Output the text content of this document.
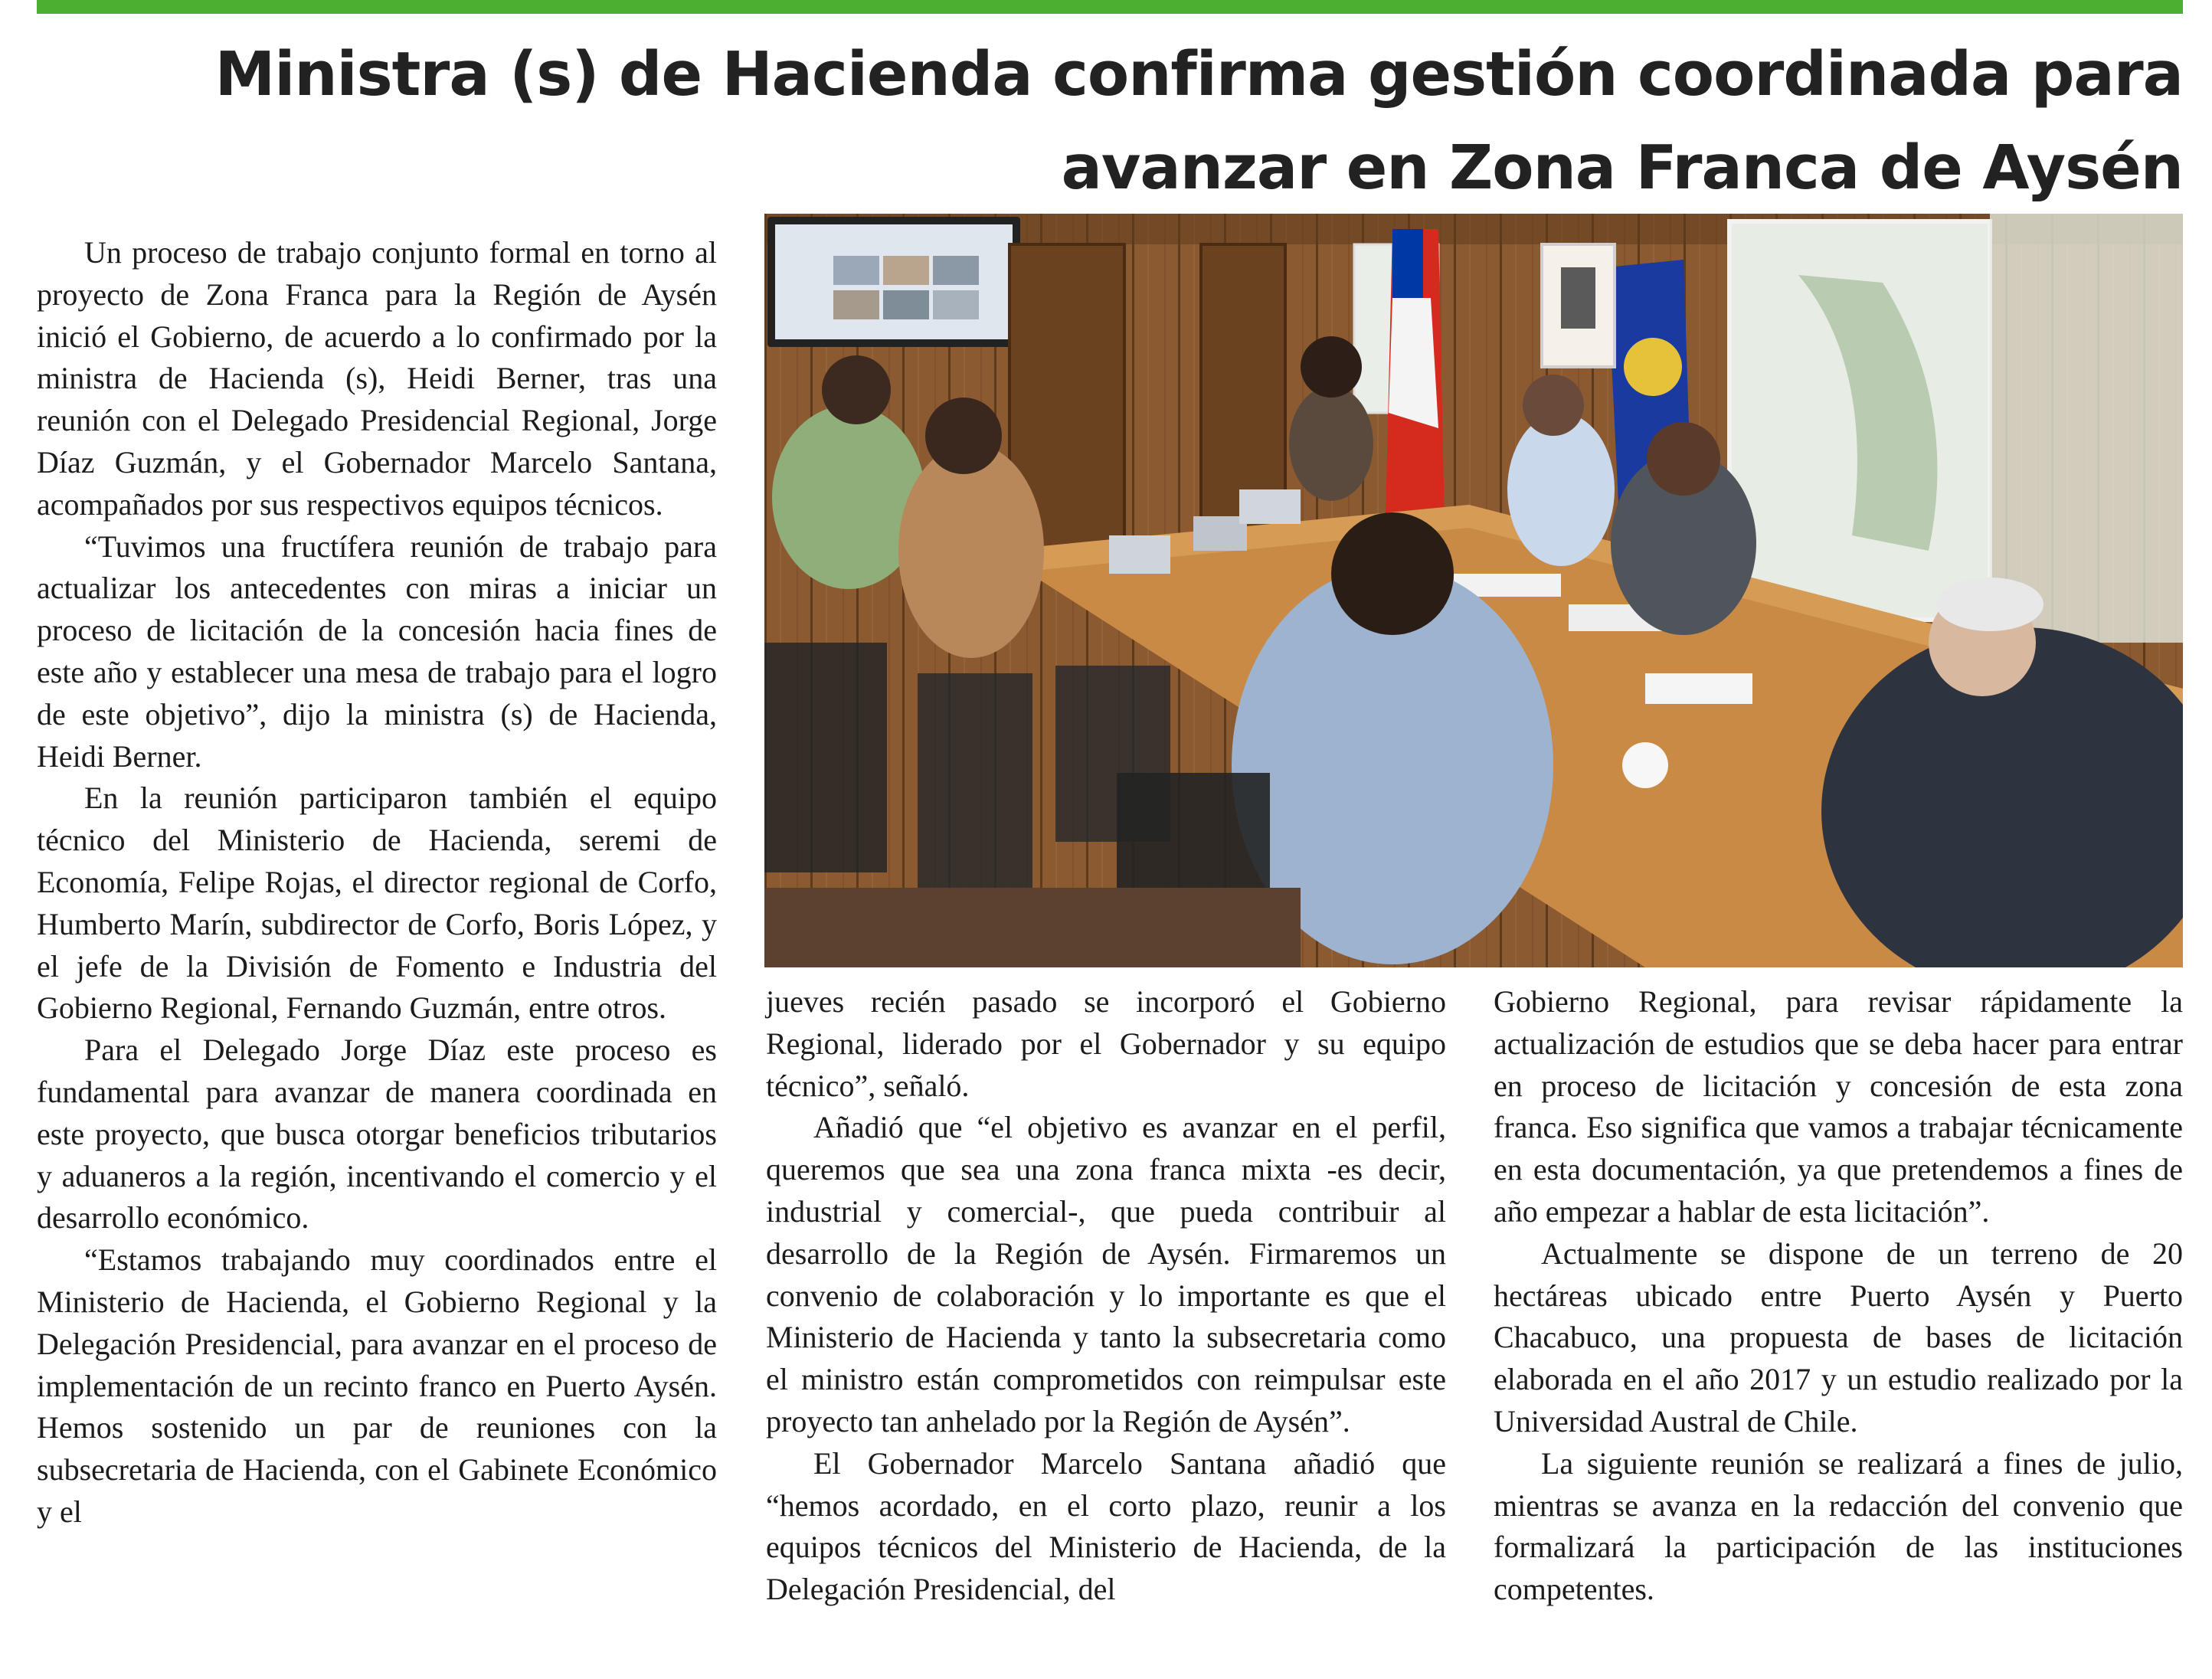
Ministra (s) de Hacienda confirma gestión coordinada para
avanzar en Zona Franca de Aysén

Un proceso de trabajo conjunto formal en torno al proyecto de Zona Franca para la Región de Aysén inició el Gobierno, de acuerdo a lo confirmado por la ministra de Hacienda (s), Heidi Berner, tras una reunión con el Delegado Presidencial Regional, Jorge Díaz Guzmán, y el Gobernador Marcelo Santana, acompañados por sus respectivos equipos técnicos.

“Tuvimos una fructífera reunión de trabajo para actualizar los antecedentes con miras a iniciar un proceso de licitación de la concesión hacia fines de este año y establecer una mesa de trabajo para el logro de este objetivo”, dijo la ministra (s) de Hacienda, Heidi Berner.

En la reunión participaron también el equipo técnico del Ministerio de Hacienda, seremi de Economía, Felipe Rojas, el director regional de Corfo, Humberto Marín, subdirector de Corfo, Boris López, y el jefe de la División de Fomento e Industria del Gobierno Regional, Fernando Guzmán, entre otros.

Para el Delegado Jorge Díaz este proceso es fundamental para avanzar de manera coordinada en este proyecto, que busca otorgar beneficios tributarios y aduaneros a la región, incentivando el comercio y el desarrollo económico.

“Estamos trabajando muy coordinados entre el Ministerio de Hacienda, el Gobierno Regional y la Delegación Presidencial, para avanzar en el proceso de implementación de un recinto franco en Puerto Aysén. Hemos sostenido un par de reuniones con la subsecretaria de Hacienda, con el Gabinete Económico y el

jueves recién pasado se incorporó el Gobierno Regional, liderado por el Gobernador y su equipo técnico”, señaló.

Añadió que “el objetivo es avanzar en el perfil, queremos que sea una zona franca mixta -es decir, industrial y comercial-, que pueda contribuir al desarrollo de la Región de Aysén. Firmaremos un convenio de colaboración y lo importante es que el Ministerio de Hacienda y tanto la subsecretaria como el ministro están comprometidos con reimpulsar este proyecto tan anhelado por la Región de Aysén”.

El Gobernador Marcelo Santana añadió que “hemos acordado, en el corto plazo, reunir a los equipos técnicos del Ministerio de Hacienda, de la Delegación Presidencial, del

Gobierno Regional, para revisar rápidamente la actualización de estudios que se deba hacer para entrar en proceso de licitación y concesión de esta zona franca. Eso significa que vamos a trabajar técnicamente en esta documentación, ya que pretendemos a fines de año empezar a hablar de esta licitación”.

Actualmente se dispone de un terreno de 20 hectáreas ubicado entre Puerto Aysén y Puerto Chacabuco, una propuesta de bases de licitación elaborada en el año 2017 y un estudio realizado por la Universidad Austral de Chile.

La siguiente reunión se realizará a fines de julio, mientras se avanza en la redacción del convenio que formalizará la participación de las instituciones competentes.
